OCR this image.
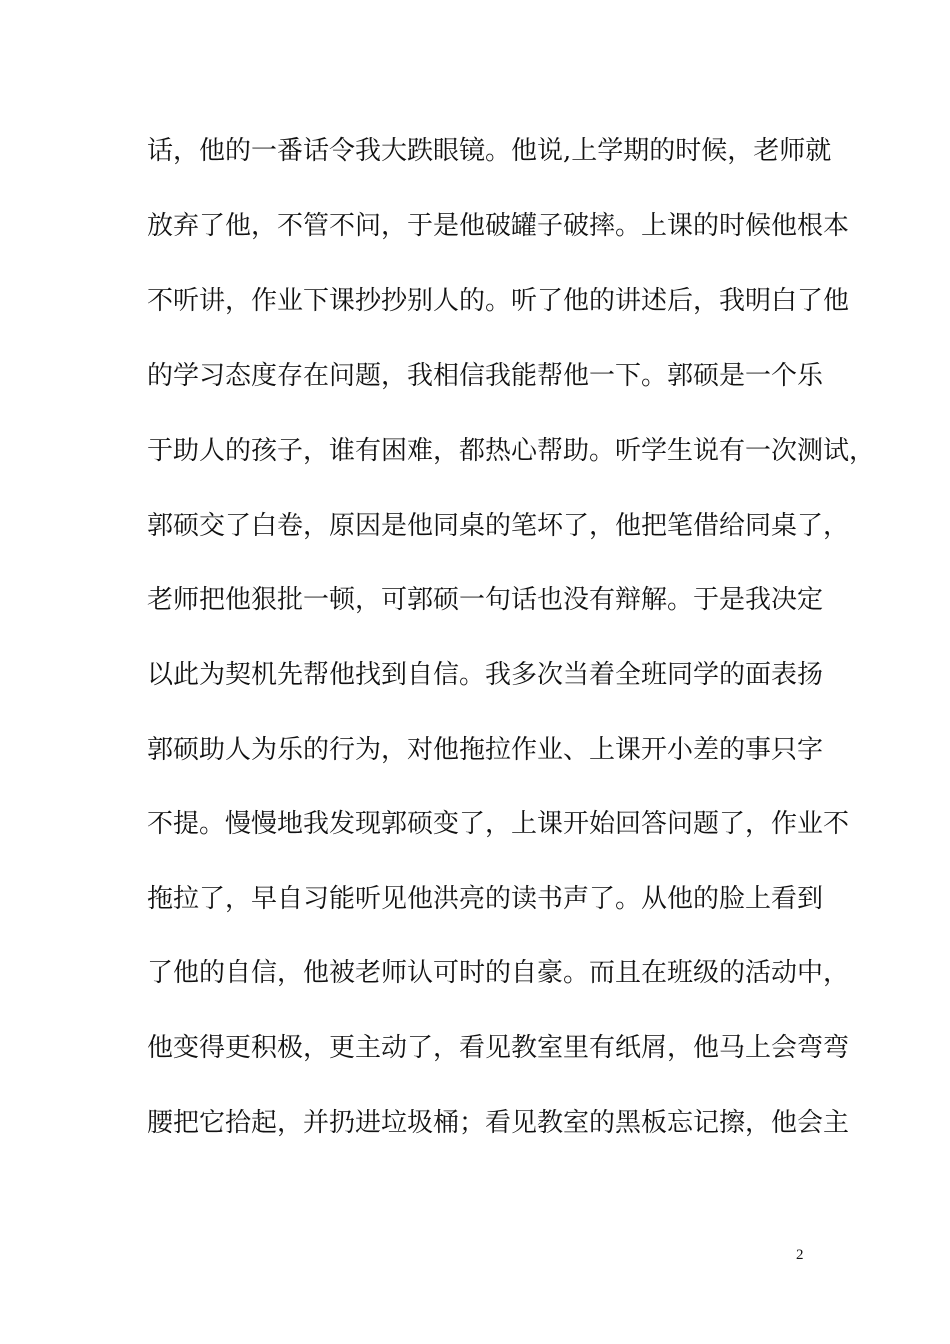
话，他的一番话令我大跌眼镜。他说,上学期的时候，老师就
放弃了他，不管不问，于是他破罐子破摔。上课的时候他根本
不听讲，作业下课抄抄别人的。听了他的讲述后，我明白了他
的学习态度存在问题，我相信我能帮他一下。郭硕是一个乐
于助人的孩子，谁有困难，都热心帮助。听学生说有一次测试，
郭硕交了白卷，原因是他同桌的笔坏了，他把笔借给同桌了，
老师把他狠批一顿，可郭硕一句话也没有辩解。于是我决定
以此为契机先帮他找到自信。我多次当着全班同学的面表扬
郭硕助人为乐的行为，对他拖拉作业、上课开小差的事只字
不提。慢慢地我发现郭硕变了，上课开始回答问题了，作业不
拖拉了，早自习能听见他洪亮的读书声了。从他的脸上看到
了他的自信，他被老师认可时的自豪。而且在班级的活动中，
他变得更积极，更主动了，看见教室里有纸屑，他马上会弯弯
腰把它拾起，并扔进垃圾桶；看见教室的黑板忘记擦，他会主
2
